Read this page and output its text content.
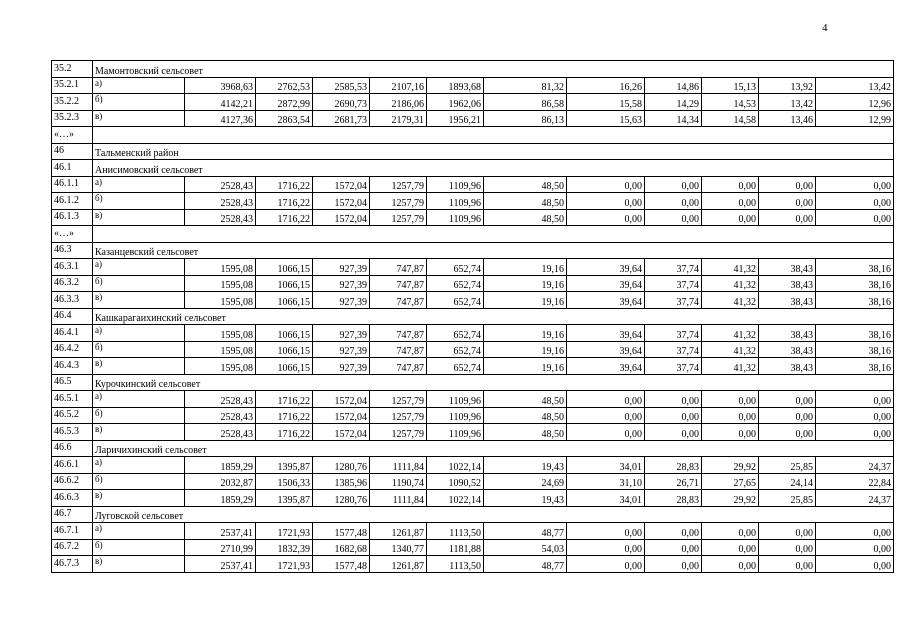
4
35.2	Мамонтовский сельсовет											
35.2.1	а)	3968,63	2762,53	2585,53	2107,16	1893,68	81,32	16,26	14,86	15,13	13,92	13,42
35.2.2	б)	4142,21	2872,99	2690,73	2186,06	1962,06	86,58	15,58	14,29	14,53	13,42	12,96
35.2.3	в)	4127,36	2863,54	2681,73	2179,31	1956,21	86,13	15,63	14,34	14,58	13,46	12,99
«…»												
46	Тальменский район											
46.1	Анисимовский сельсовет											
46.1.1	а)	2528,43	1716,22	1572,04	1257,79	1109,96	48,50	0,00	0,00	0,00	0,00	0,00
46.1.2	б)	2528,43	1716,22	1572,04	1257,79	1109,96	48,50	0,00	0,00	0,00	0,00	0,00
46.1.3	в)	2528,43	1716,22	1572,04	1257,79	1109,96	48,50	0,00	0,00	0,00	0,00	0,00
«…»												
46.3	Казанцевский сельсовет											
46.3.1	а)	1595,08	1066,15	927,39	747,87	652,74	19,16	39,64	37,74	41,32	38,43	38,16
46.3.2	б)	1595,08	1066,15	927,39	747,87	652,74	19,16	39,64	37,74	41,32	38,43	38,16
46.3.3	в)	1595,08	1066,15	927,39	747,87	652,74	19,16	39,64	37,74	41,32	38,43	38,16
46.4	Кашкарагаихинский сельсовет											
46.4.1	а)	1595,08	1066,15	927,39	747,87	652,74	19,16	39,64	37,74	41,32	38,43	38,16
46.4.2	б)	1595,08	1066,15	927,39	747,87	652,74	19,16	39,64	37,74	41,32	38,43	38,16
46.4.3	в)	1595,08	1066,15	927,39	747,87	652,74	19,16	39,64	37,74	41,32	38,43	38,16
46.5	Курочкинский сельсовет											
46.5.1	а)	2528,43	1716,22	1572,04	1257,79	1109,96	48,50	0,00	0,00	0,00	0,00	0,00
46.5.2	б)	2528,43	1716,22	1572,04	1257,79	1109,96	48,50	0,00	0,00	0,00	0,00	0,00
46.5.3	в)	2528,43	1716,22	1572,04	1257,79	1109,96	48,50	0,00	0,00	0,00	0,00	0,00
46.6	Ларичихинский сельсовет											
46.6.1	а)	1859,29	1395,87	1280,76	1111,84	1022,14	19,43	34,01	28,83	29,92	25,85	24,37
46.6.2	б)	2032,87	1506,33	1385,96	1190,74	1090,52	24,69	31,10	26,71	27,65	24,14	22,84
46.6.3	в)	1859,29	1395,87	1280,76	1111,84	1022,14	19,43	34,01	28,83	29,92	25,85	24,37
46.7	Луговской сельсовет											
46.7.1	а)	2537,41	1721,93	1577,48	1261,87	1113,50	48,77	0,00	0,00	0,00	0,00	0,00
46.7.2	б)	2710,99	1832,39	1682,68	1340,77	1181,88	54,03	0,00	0,00	0,00	0,00	0,00
46.7.3	в)	2537,41	1721,93	1577,48	1261,87	1113,50	48,77	0,00	0,00	0,00	0,00	0,00
